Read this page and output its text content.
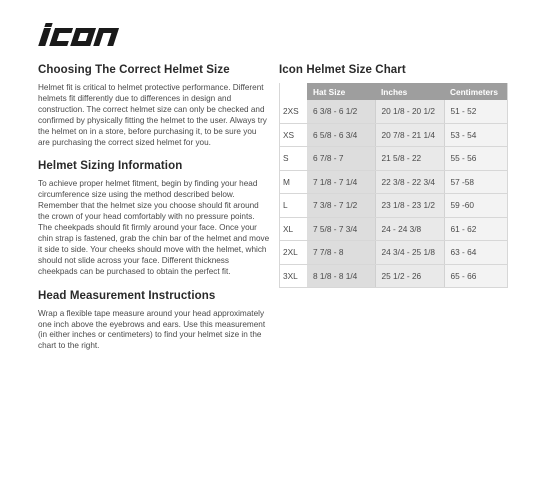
Choosing The Correct Helmet Size

Helmet fit is critical to helmet protective performance. Different helmets fit differently due to differences in design and construction. The correct helmet size can only be checked and confirmed by physically fitting the helmet to the user. Always try the helmet on in a store, before purchasing it, to be sure you are purchasing the correct sized helmet for you.

Helmet Sizing Information

To achieve proper helmet fitment, begin by finding your head circumference size using the method described below. Remember that the helmet size you choose should fit around the crown of your head comfortably with no pressure points. The cheekpads should fit firmly around your face. Once your chin strap is fastened, grab the chin bar of the helmet and move it side to side. Your cheeks should move with the helmet, which should not slide across your face. Different thickness cheekpads can be purchased to obtain the perfect fit.

Head Measurement Instructions

Wrap a flexible tape measure around your head approximately one inch above the eyebrows and ears. Use this measurement (in either inches or centimeters) to find your helmet size in the chart to the right.

Icon Helmet Size Chart
	Hat Size	Inches	Centimeters
2XS	6 3/8 - 6 1/2	20 1/8 - 20 1/2	51 - 52
XS	6 5/8 - 6 3/4	20 7/8 - 21 1/4	53 - 54
S	6 7/8 - 7	21 5/8 - 22	55 - 56
M	7 1/8 - 7 1/4	22 3/8 - 22 3/4	57 -58
L	7 3/8 - 7 1/2	23 1/8 - 23 1/2	59 -60
XL	7 5/8 - 7 3/4	24 - 24 3/8	61 - 62
2XL	7 7/8 - 8	24 3/4 - 25 1/8	63 - 64
3XL	8 1/8 - 8 1/4	25 1/2 - 26	65 - 66
